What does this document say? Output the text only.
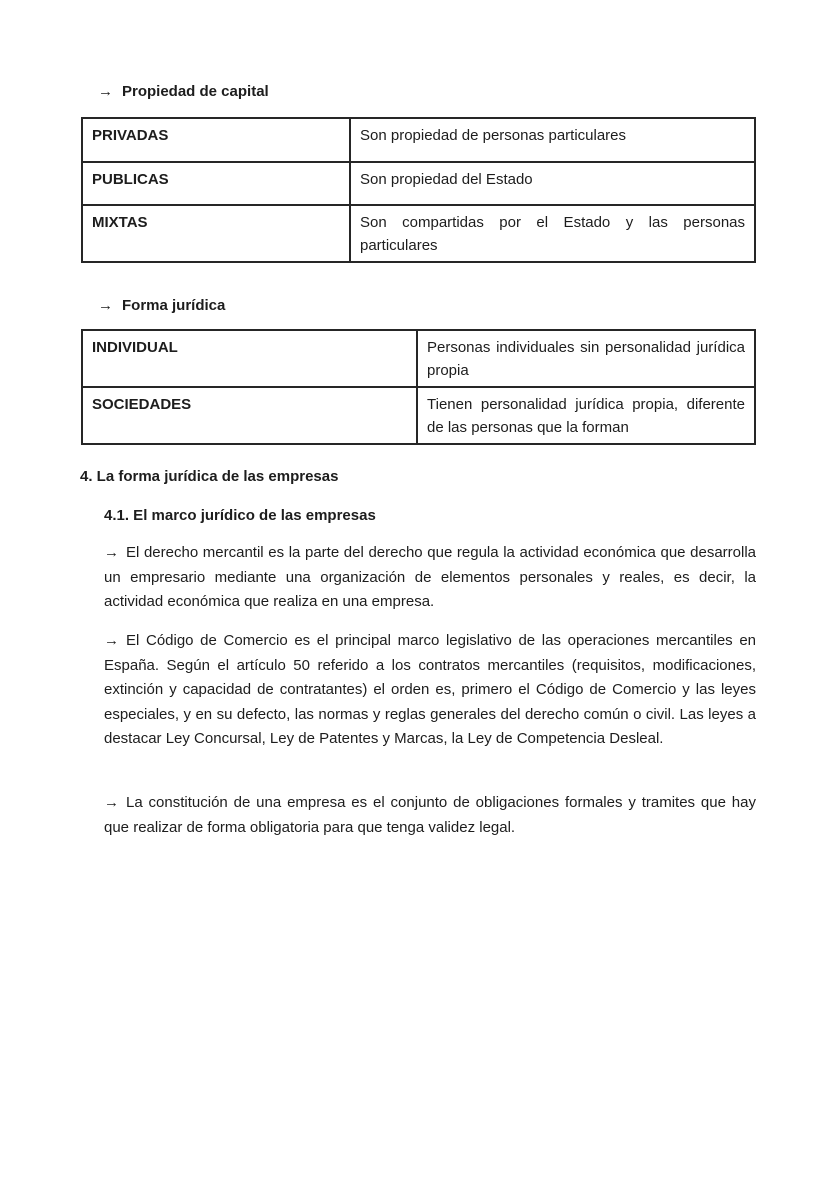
→ Propiedad de capital
PRIVADAS	Son propiedad de personas particulares
PUBLICAS	Son propiedad del Estado
MIXTAS	Son compartidas por el Estado y las personas particulares
→ Forma jurídica
INDIVIDUAL	Personas individuales sin personalidad jurídica propia
SOCIEDADES	Tienen personalidad jurídica propia, diferente de las personas que la forman
4. La forma jurídica de las empresas
4.1. El marco jurídico de las empresas

→ El derecho mercantil es la parte del derecho que regula la actividad económica que desarrolla un empresario mediante una organización de elementos personales y reales, es decir, la actividad económica que realiza en una empresa.

→ El Código de Comercio es el principal marco legislativo de las operaciones mercantiles en España. Según el artículo 50 referido a los contratos mercantiles (requisitos, modificaciones, extinción y capacidad de contratantes) el orden es, primero el Código de Comercio y las leyes especiales, y en su defecto, las normas y reglas generales del derecho común o civil. Las leyes a destacar Ley Concursal, Ley de Patentes y Marcas, la Ley de Competencia Desleal.

→ La constitución de una empresa es el conjunto de obligaciones formales y tramites que hay que realizar de forma obligatoria para que tenga validez legal.
